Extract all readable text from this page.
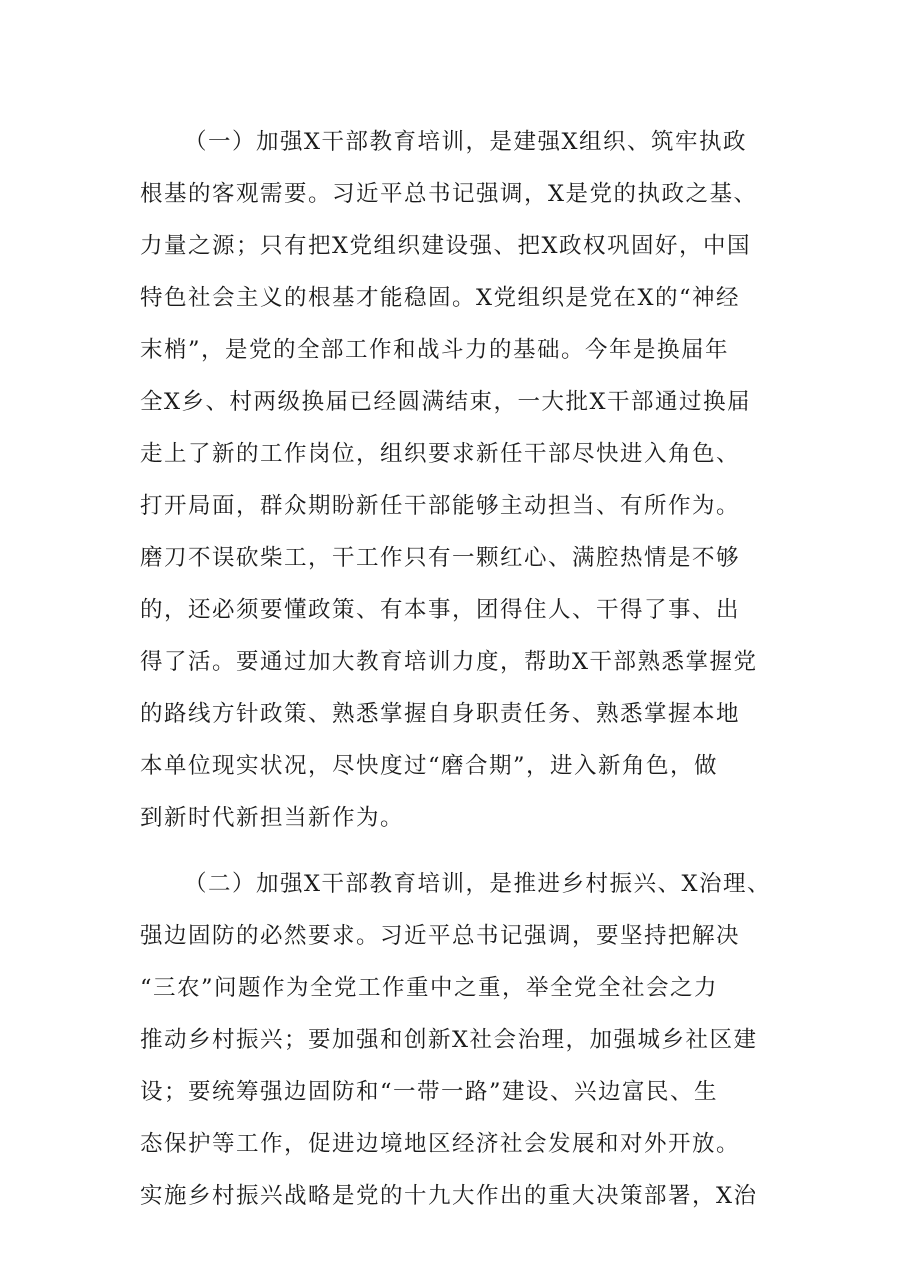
（一）加强X干部教育培训，是建强X组织、筑牢执政
根基的客观需要。习近平总书记强调，X是党的执政之基、
力量之源；只有把X党组织建设强、把X政权巩固好，中国
特色社会主义的根基才能稳固。X党组织是党在X的“神经
末梢”，是党的全部工作和战斗力的基础。今年是换届年
全X乡、村两级换届已经圆满结束，一大批X干部通过换届
走上了新的工作岗位，组织要求新任干部尽快进入角色、
打开局面，群众期盼新任干部能够主动担当、有所作为。
磨刀不误砍柴工，干工作只有一颗红心、满腔热情是不够
的，还必须要懂政策、有本事，团得住人、干得了事、出
得了活。要通过加大教育培训力度，帮助X干部熟悉掌握党
的路线方针政策、熟悉掌握自身职责任务、熟悉掌握本地
本单位现实状况，尽快度过“磨合期”，进入新角色，做
到新时代新担当新作为。
（二）加强X干部教育培训，是推进乡村振兴、X治理、
强边固防的必然要求。习近平总书记强调，要坚持把解决
“三农”问题作为全党工作重中之重，举全党全社会之力
推动乡村振兴；要加强和创新X社会治理，加强城乡社区建
设；要统筹强边固防和“一带一路”建设、兴边富民、生
态保护等工作，促进边境地区经济社会发展和对外开放。
实施乡村振兴战略是党的十九大作出的重大决策部署，X治
